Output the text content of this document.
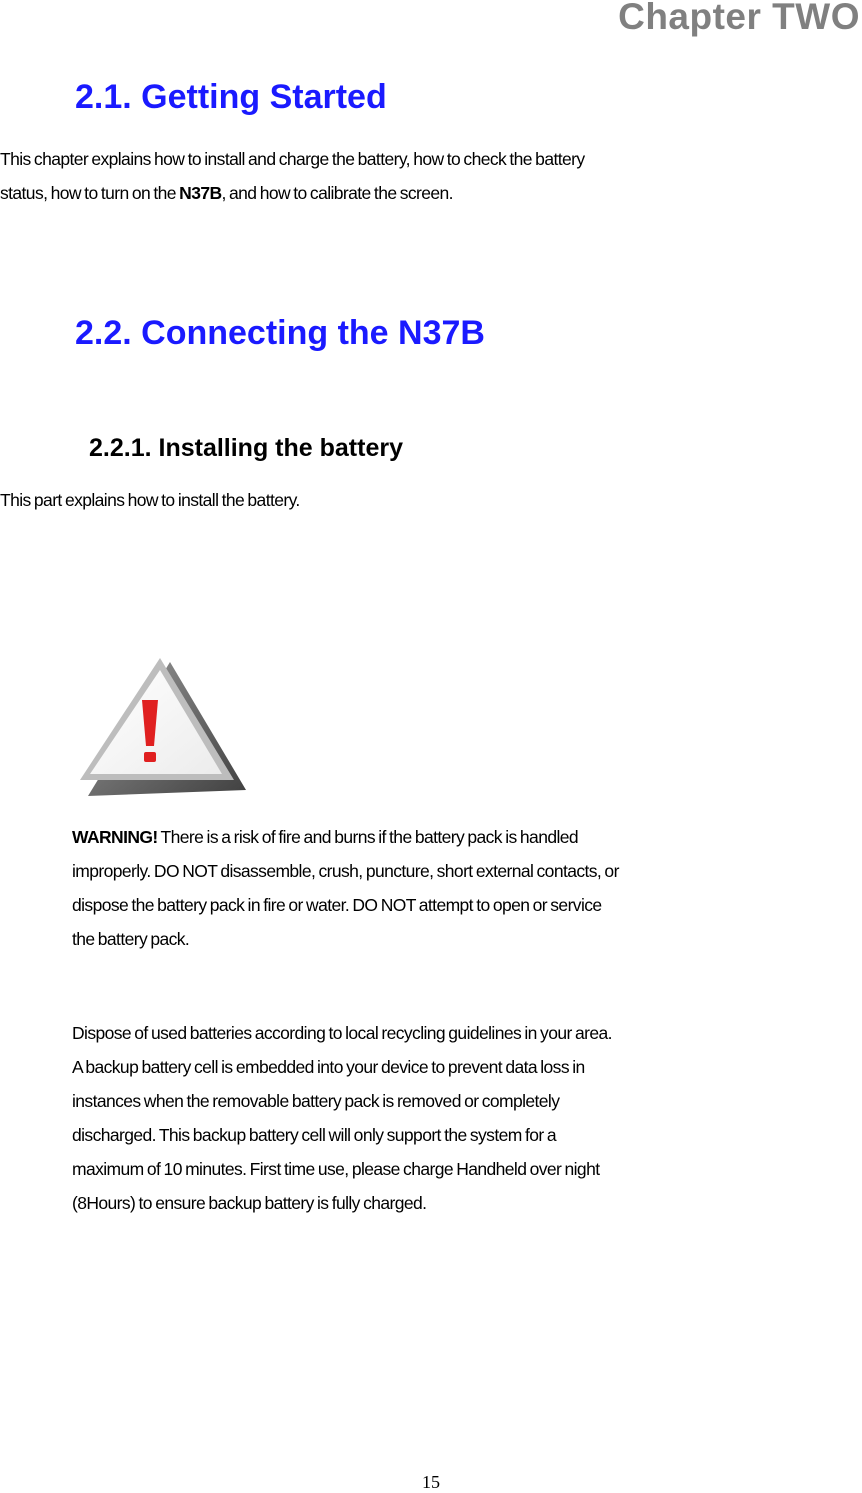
Chapter TWO
2.1. Getting Started
This chapter explains how to install and charge the battery, how to check the battery
status, how to turn on the N37B, and how to calibrate the screen.
2.2. Connecting the N37B
2.2.1. Installing the battery
This part explains how to install the battery.
WARNING! There is a risk of fire and burns if the battery pack is handled
improperly. DO NOT disassemble, crush, puncture, short external contacts, or
dispose the battery pack in fire or water. DO NOT attempt to open or service
the battery pack.
Dispose of used batteries according to local recycling guidelines in your area.
A backup battery cell is embedded into your device to prevent data loss in
instances when the removable battery pack is removed or completely
discharged. This backup battery cell will only support the system for a
maximum of 10 minutes. First time use, please charge Handheld over night
(8Hours) to ensure backup battery is fully charged.
15
